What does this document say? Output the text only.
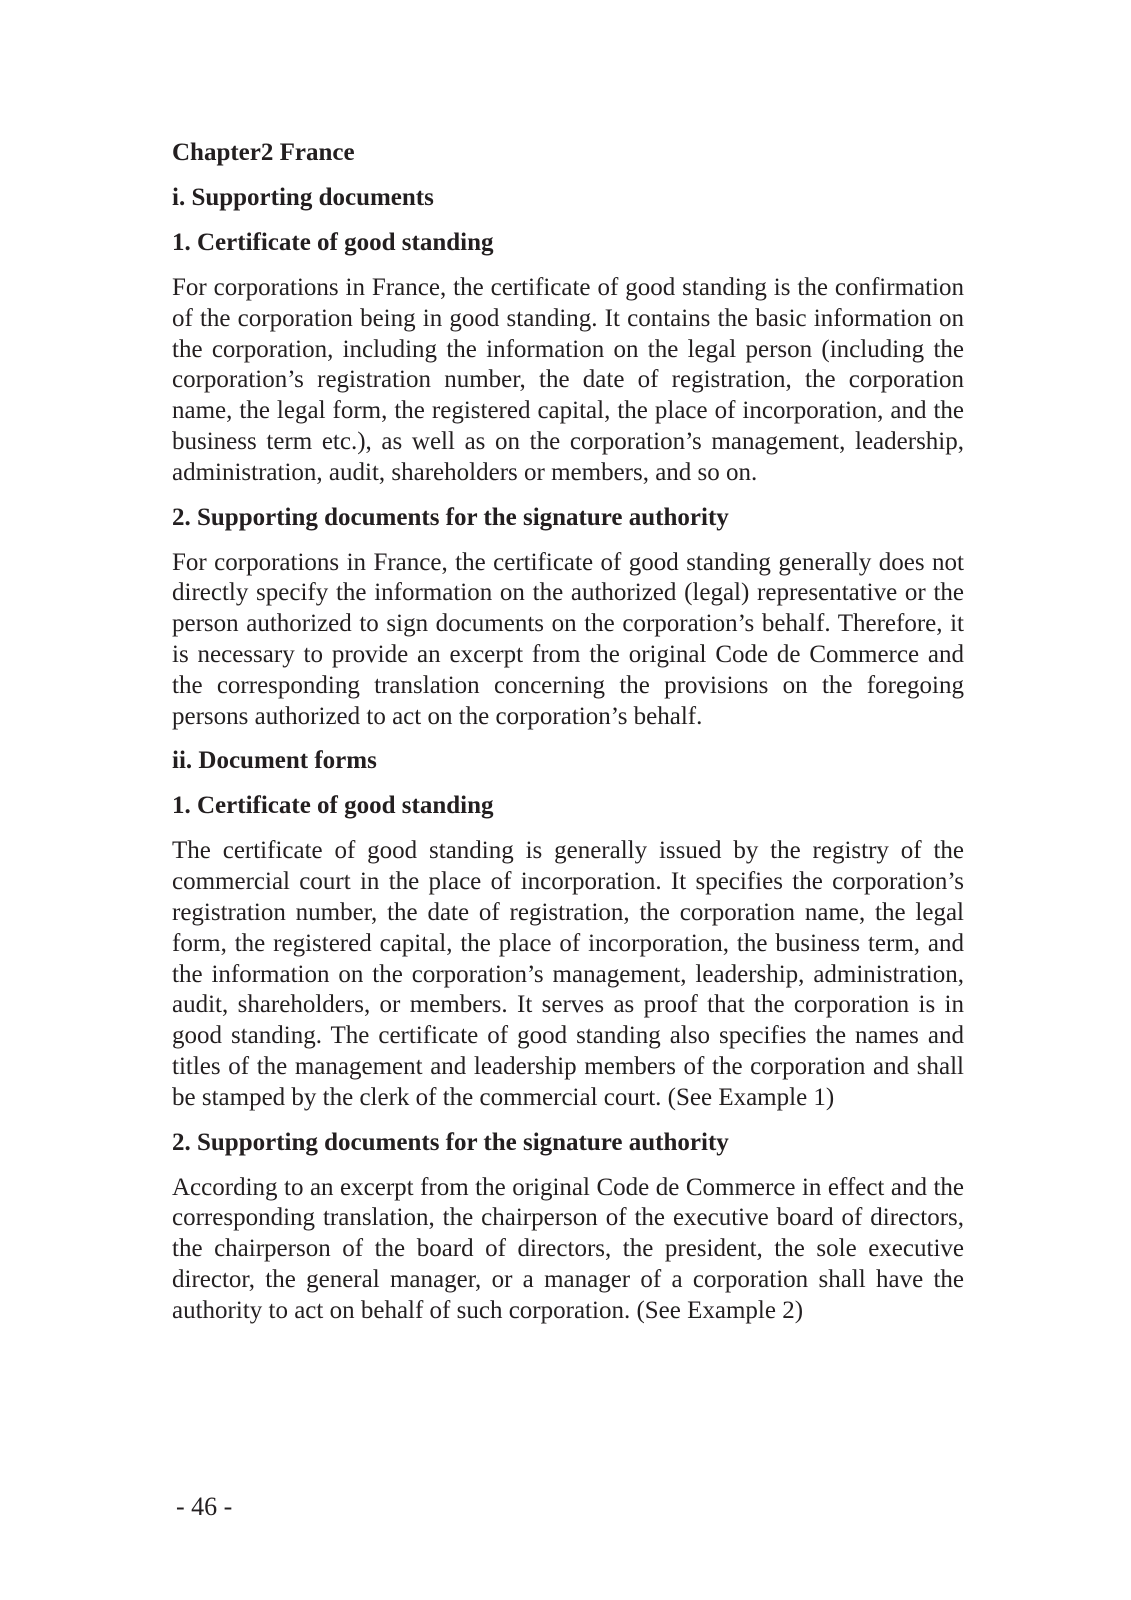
Chapter2 France
i. Supporting documents
1. Certificate of good standing

For corporations in France, the certificate of good standing is the confirmation of the corporation being in good standing. It contains the basic information on the corporation, including the information on the legal person (including the corporation’s registration number, the date of registration, the corporation name, the legal form, the registered capital, the place of incorporation, and the business term etc.), as well as on the corporation’s management, leadership, administration, audit, shareholders or members, and so on.

2. Supporting documents for the signature authority

For corporations in France, the certificate of good standing generally does not directly specify the information on the authorized (legal) representative or the person authorized to sign documents on the corporation’s behalf. Therefore, it is necessary to provide an excerpt from the original Code de Commerce and the corresponding translation concerning the provisions on the foregoing persons authorized to act on the corporation’s behalf.

ii. Document forms
1. Certificate of good standing

The certificate of good standing is generally issued by the registry of the commercial court in the place of incorporation. It specifies the corporation’s registration number, the date of registration, the corporation name, the legal form, the registered capital, the place of incorporation, the business term, and the information on the corporation’s management, leadership, administration, audit, shareholders, or members. It serves as proof that the corporation is in good standing. The certificate of good standing also specifies the names and titles of the management and leadership members of the corporation and shall be stamped by the clerk of the commercial court. (See Example 1)

2. Supporting documents for the signature authority

According to an excerpt from the original Code de Commerce in effect and the corresponding translation, the chairperson of the executive board of directors, the chairperson of the board of directors, the president, the sole executive director, the general manager, or a manager of a corporation shall have the authority to act on behalf of such corporation. (See Example 2)

- 46 -
